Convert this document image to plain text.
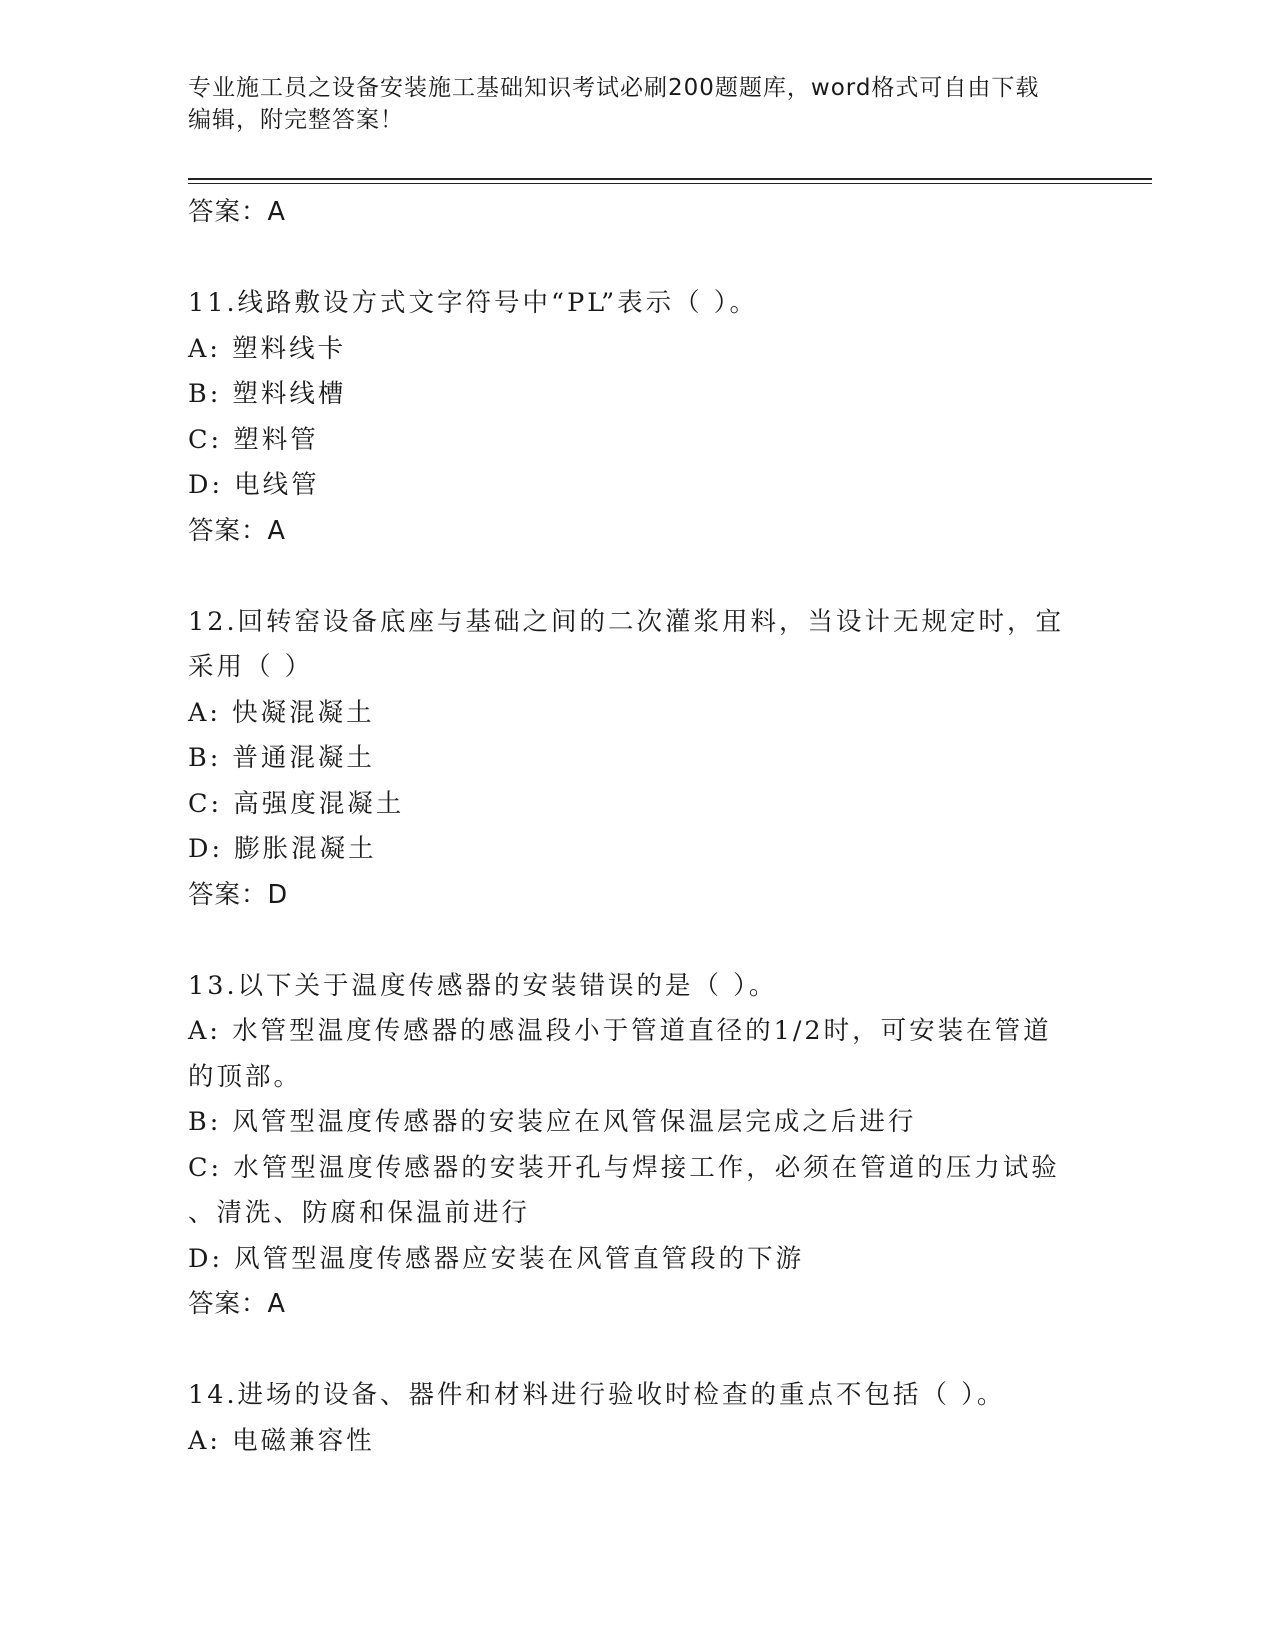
专业施工员之设备安装施工基础知识考试必刷200题题库，word格式可自由下载
编辑，附完整答案！
答案：A
11.线路敷设方式文字符号中“PL”表示（ ）。
A: 塑料线卡
B: 塑料线槽
C: 塑料管
D: 电线管
答案：A
12.回转窑设备底座与基础之间的二次灌浆用料，当设计无规定时，宜
采用（ ）
A: 快凝混凝土
B: 普通混凝土
C: 高强度混凝土
D: 膨胀混凝土
答案：D
13.以下关于温度传感器的安装错误的是（ ）。
A: 水管型温度传感器的感温段小于管道直径的1/2时，可安装在管道
的顶部。
B: 风管型温度传感器的安装应在风管保温层完成之后进行
C: 水管型温度传感器的安装开孔与焊接工作，必须在管道的压力试验
、清洗、防腐和保温前进行
D: 风管型温度传感器应安装在风管直管段的下游
答案：A
14.进场的设备、器件和材料进行验收时检查的重点不包括（ ）。
A: 电磁兼容性
